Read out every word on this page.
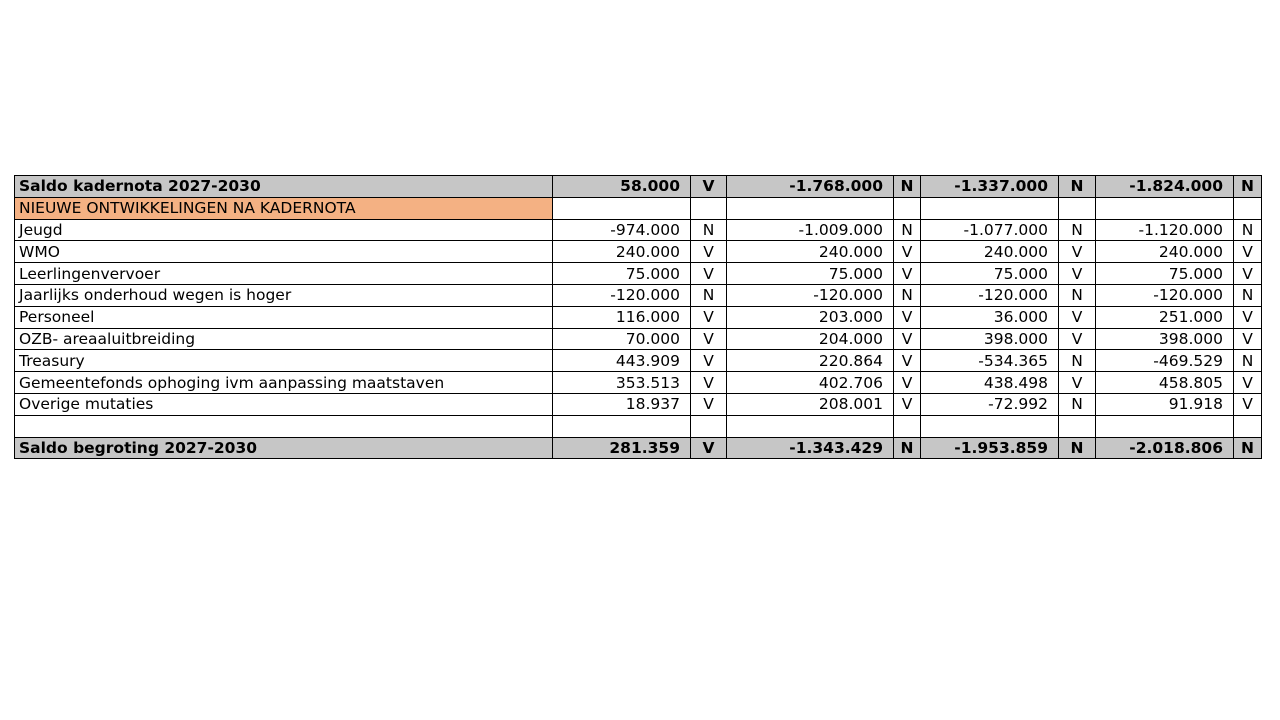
Saldo kadernota 2027-2030	58.000	V	-1.768.000	N	-1.337.000	N	-1.824.000	N
NIEUWE ONTWIKKELINGEN NA KADERNOTA								
Jeugd	-974.000	N	-1.009.000	N	-1.077.000	N	-1.120.000	N
WMO	240.000	V	240.000	V	240.000	V	240.000	V
Leerlingenvervoer	75.000	V	75.000	V	75.000	V	75.000	V
Jaarlijks onderhoud wegen is hoger	-120.000	N	-120.000	N	-120.000	N	-120.000	N
Personeel	116.000	V	203.000	V	36.000	V	251.000	V
OZB- areaaluitbreiding	70.000	V	204.000	V	398.000	V	398.000	V
Treasury	443.909	V	220.864	V	-534.365	N	-469.529	N
Gemeentefonds ophoging ivm aanpassing maatstaven	353.513	V	402.706	V	438.498	V	458.805	V
Overige mutaties	18.937	V	208.001	V	-72.992	N	91.918	V

Saldo begroting 2027-2030	281.359	V	-1.343.429	N	-1.953.859	N	-2.018.806	N
